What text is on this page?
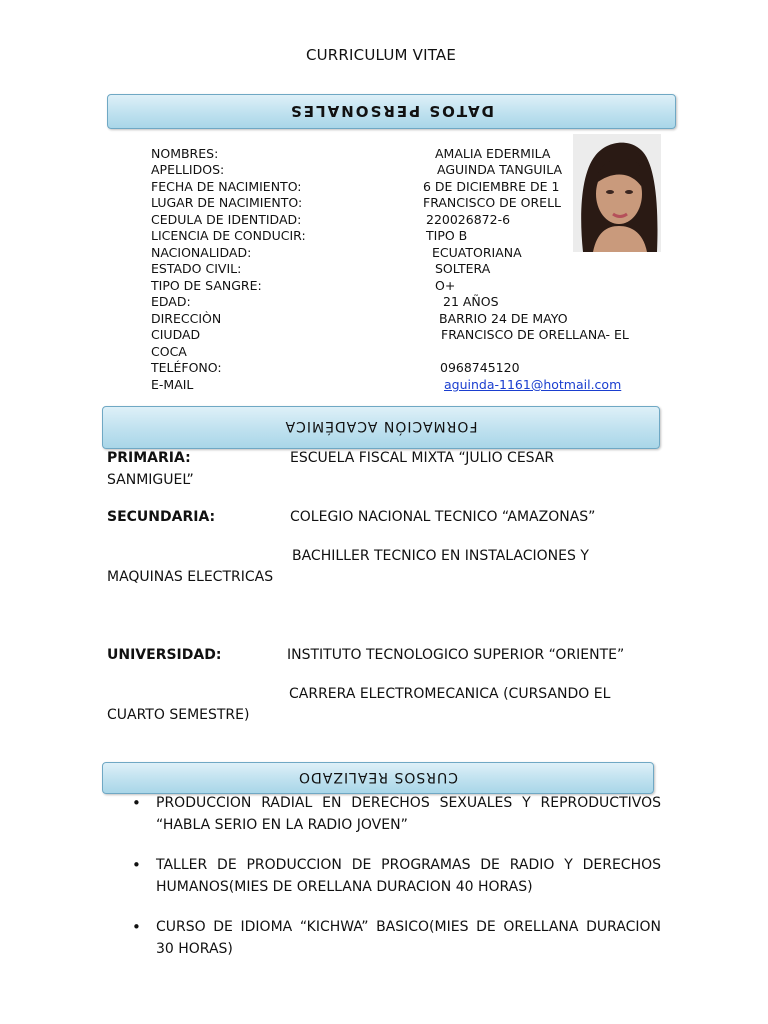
CURRICULUM VITAE
DATOS PERSONALES
NOMBRES:	AMALIA EDERMILA
APELLIDOS:	AGUINDA TANGUILA
FECHA DE NACIMIENTO:	6 DE DICIEMBRE DE 1
LUGAR DE NACIMIENTO:	FRANCISCO DE ORELL
CEDULA DE IDENTIDAD:	220026872-6
LICENCIA DE CONDUCIR:	TIPO B
NACIONALIDAD:	ECUATORIANA
ESTADO CIVIL:	SOLTERA
TIPO DE SANGRE:	O+
EDAD:	21 AÑOS
DIRECCIÒN	BARRIO 24 DE MAYO
CIUDAD	FRANCISCO DE ORELLANA- EL
COCA
TELÉFONO:	0968745120
E-MAIL	aguinda-1161@hotmail.com
FORMACIÓN ACADÉMICA
PRIMARIA:	ESCUELA FISCAL MIXTA “JULIO CESAR
SANMIGUEL”
SECUNDARIA:	COLEGIO NACIONAL TECNICO “AMAZONAS”
BACHILLER TECNICO EN INSTALACIONES Y
MAQUINAS ELECTRICAS
UNIVERSIDAD:	INSTITUTO TECNOLOGICO SUPERIOR “ORIENTE”
CARRERA ELECTROMECANICA (CURSANDO EL
CUARTO SEMESTRE)
CURSOS REALIZADO
• PRODUCCION RADIAL EN DERECHOS SEXUALES Y REPRODUCTIVOS “HABLA SERIO EN LA RADIO JOVEN”
• TALLER DE PRODUCCION DE PROGRAMAS DE RADIO Y DERECHOS HUMANOS(MIES DE ORELLANA DURACION 40 HORAS)
• CURSO DE IDIOMA “KICHWA” BASICO(MIES DE ORELLANA DURACION 30 HORAS)
